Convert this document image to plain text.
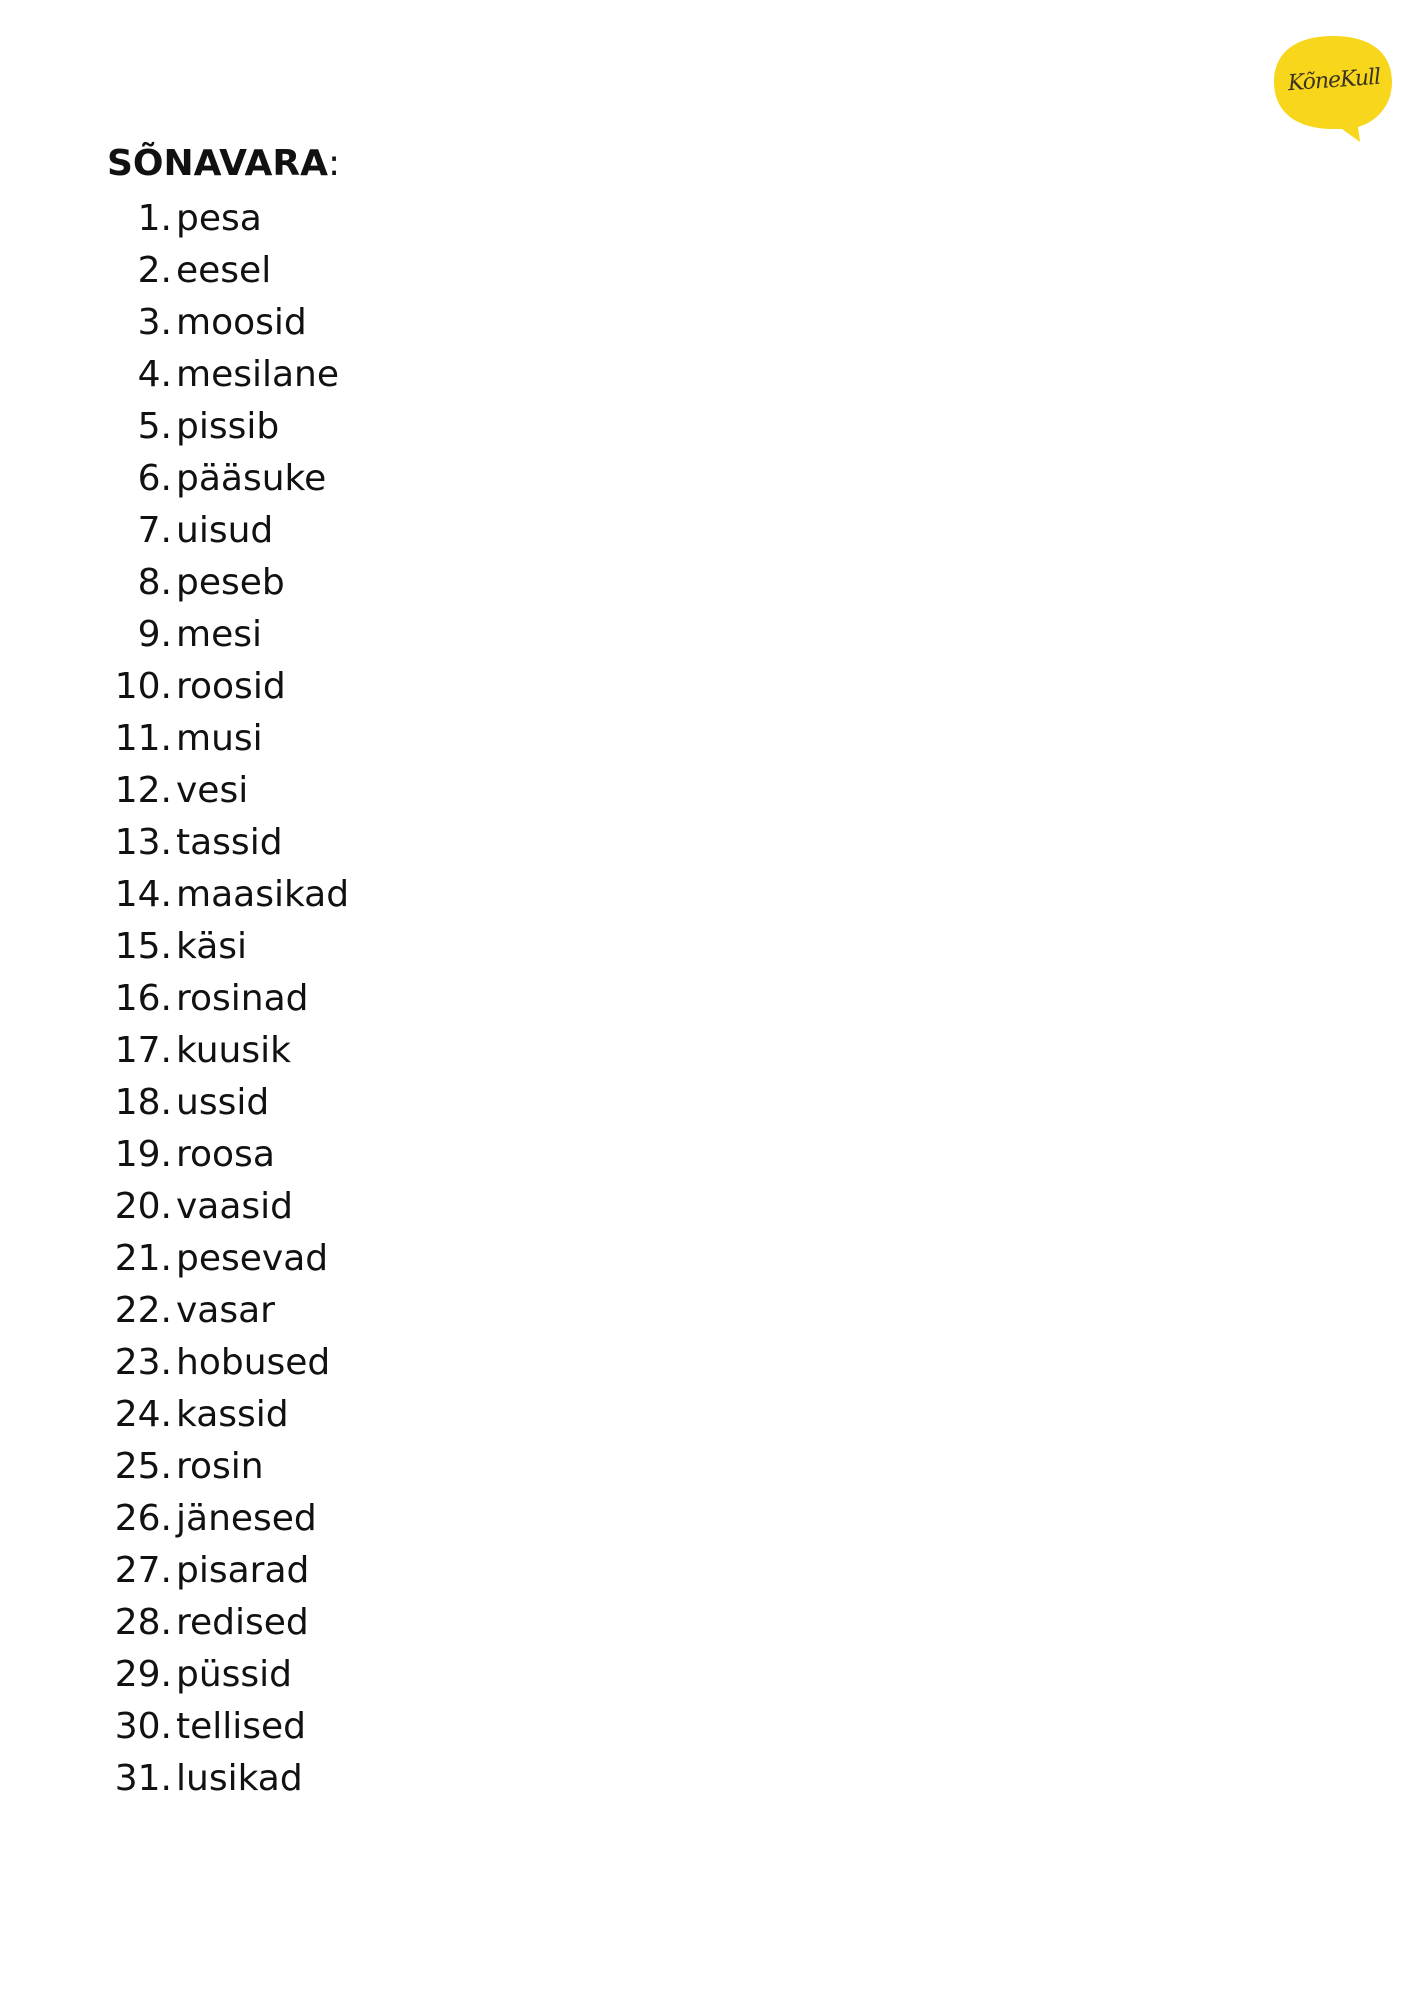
KõneKull
SÕNAVARA:
1. pesa
2. eesel
3. moosid
4. mesilane
5. pissib
6. pääsuke
7. uisud
8. peseb
9. mesi
10. roosid
11. musi
12. vesi
13. tassid
14. maasikad
15. käsi
16. rosinad
17. kuusik
18. ussid
19. roosa
20. vaasid
21. pesevad
22. vasar
23. hobused
24. kassid
25. rosin
26. jänesed
27. pisarad
28. redised
29. püssid
30. tellised
31. lusikad
